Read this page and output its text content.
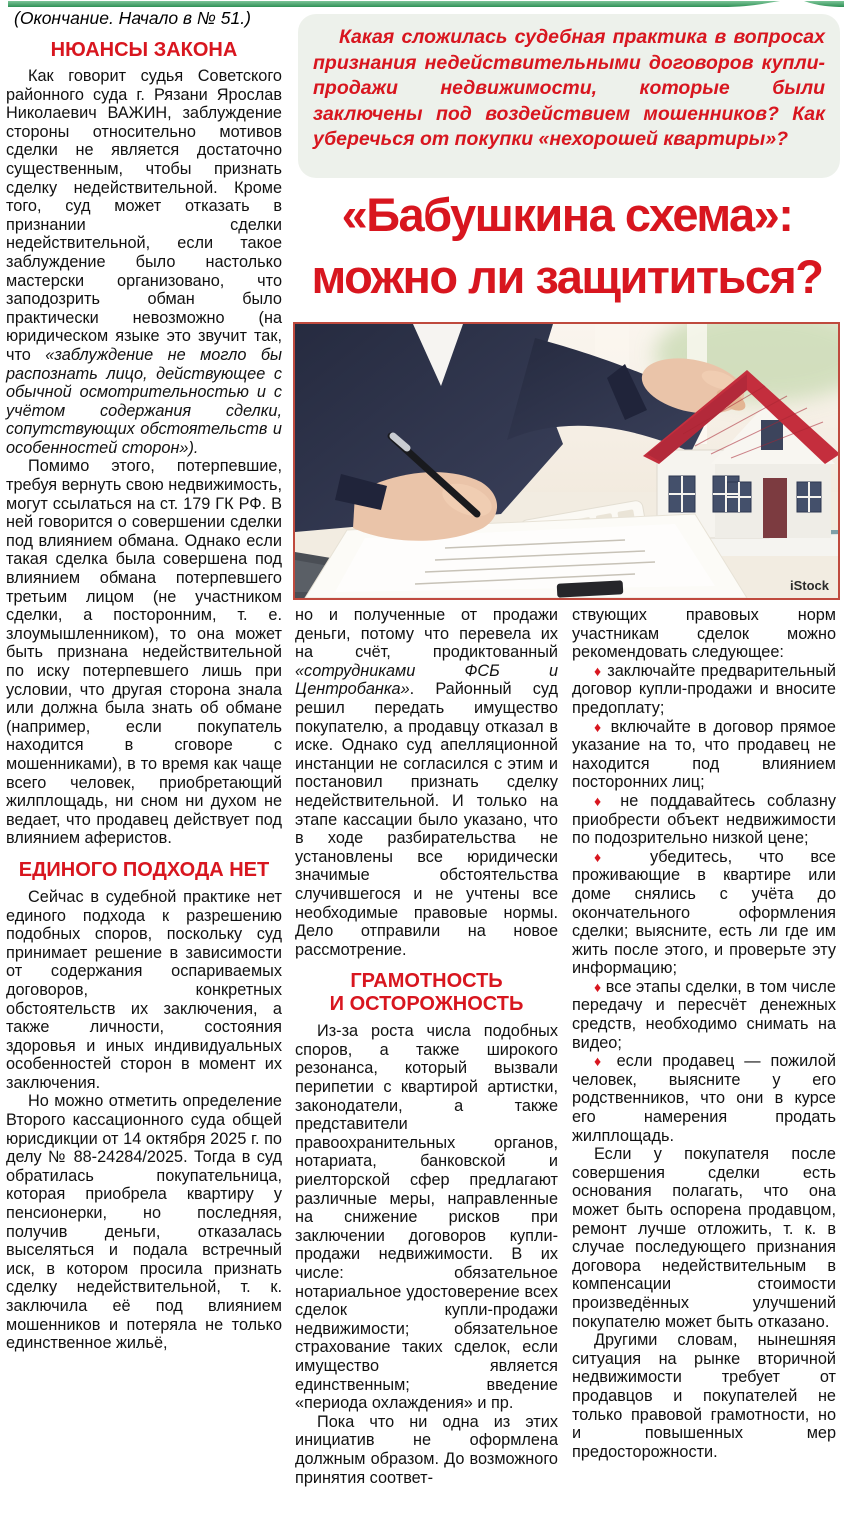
(Окончание. Начало в № 51.)

Какая сложилась судебная практика в вопросах признания недействительными договоров купли-продажи недвижимости, которые были заключены под воздействием мошенников? Как уберечься от покупки «нехорошей квартиры»?

«Бабушкина схема»:
можно ли защититься?
iStock
НЮАНСЫ ЗАКОНА

Как говорит судья Советского районного суда г. Рязани Ярослав Николаевич ВАЖИН, заблуждение стороны относительно мотивов сделки не является достаточно существенным, чтобы признать сделку недействительной. Кроме того, суд может отказать в признании сделки недействительной, если такое заблуждение было настолько мастерски организовано, что заподозрить обман было практически невозможно (на юридическом языке это звучит так, что «заблуждение не могло бы распознать лицо, действующее с обычной осмотрительностью и с учётом содержания сделки, сопутствующих обстоятельств и особенностей сторон»).

Помимо этого, потерпевшие, требуя вернуть свою недвижимость, могут ссылаться на ст. 179 ГК РФ. В ней говорится о совершении сделки под влиянием обмана. Однако если такая сделка была совершена под влиянием обмана потерпевшего третьим лицом (не участником сделки, а посторонним, т. е. злоумышленником), то она может быть признана недействительной по иску потерпевшего лишь при условии, что другая сторона знала или должна была знать об обмане (например, если покупатель находится в сговоре с мошенниками), в то время как чаще всего человек, приобретающий жилплощадь, ни сном ни духом не ведает, что продавец действует под влиянием аферистов.

ЕДИНОГО ПОДХОДА НЕТ

Сейчас в судебной практике нет единого подхода к разрешению подобных споров, поскольку суд принимает решение в зависимости от содержания оспариваемых договоров, конкретных обстоятельств их заключения, а также личности, состояния здоровья и иных индивидуальных особенностей сторон в момент их заключения.

Но можно отметить определение Второго кассационного суда общей юрисдикции от 14 октября 2025 г. по делу № 88-24284/2025. Тогда в суд обратилась покупательница, которая приобрела квартиру у пенсионерки, но последняя, получив деньги, отказалась выселяться и подала встречный иск, в котором просила признать сделку недействительной, т. к. заключила её под влиянием мошенников и потеряла не только единственное жильё,

но и полученные от продажи деньги, потому что перевела их на счёт, продиктованный «сотрудниками ФСБ и Центробанка». Районный суд решил передать имущество покупателю, а продавцу отказал в иске. Однако суд апелляционной инстанции не согласился с этим и постановил признать сделку недействительной. И только на этапе кассации было указано, что в ходе разбирательства не установлены все юридически значимые обстоятельства случившегося и не учтены все необходимые правовые нормы. Дело отправили на новое рассмотрение.

ГРАМОТНОСТЬ
И ОСТОРОЖНОСТЬ

Из-за роста числа подобных споров, а также широкого резонанса, который вызвали перипетии с квартирой артистки, законодатели, а также представители правоохранительных органов, нотариата, банковской и риелторской сфер предлагают различные меры, направленные на снижение рисков при заключении договоров купли-продажи недвижимости. В их числе: обязательное нотариальное удостоверение всех сделок купли-продажи недвижимости; обязательное страхование таких сделок, если имущество является единственным; введение «периода охлаждения» и пр.

Пока что ни одна из этих инициатив не оформлена должным образом. До возможного принятия соответ-

ствующих правовых норм участникам сделок можно рекомендовать следующее:

♦ заключайте предварительный договор купли-продажи и вносите предоплату;

♦ включайте в договор прямое указание на то, что продавец не находится под влиянием посторонних лиц;

♦ не поддавайтесь соблазну приобрести объект недвижимости по подозрительно низкой цене;

♦ убедитесь, что все проживающие в квартире или доме снялись с учёта до окончательного оформления сделки; выясните, есть ли где им жить после этого, и проверьте эту информацию;

♦ все этапы сделки, в том числе передачу и пересчёт денежных средств, необходимо снимать на видео;

♦ если продавец — пожилой человек, выясните у его родственников, что они в курсе его намерения продать жилплощадь.

Если у покупателя после совершения сделки есть основания полагать, что она может быть оспорена продавцом, ремонт лучше отложить, т. к. в случае последующего признания договора недействительным в компенсации стоимости произведённых улучшений покупателю может быть отказано.

Другими словам, нынешняя ситуация на рынке вторичной недвижимости требует от продавцов и покупателей не только правовой грамотности, но и повышенных мер предосторожности.
